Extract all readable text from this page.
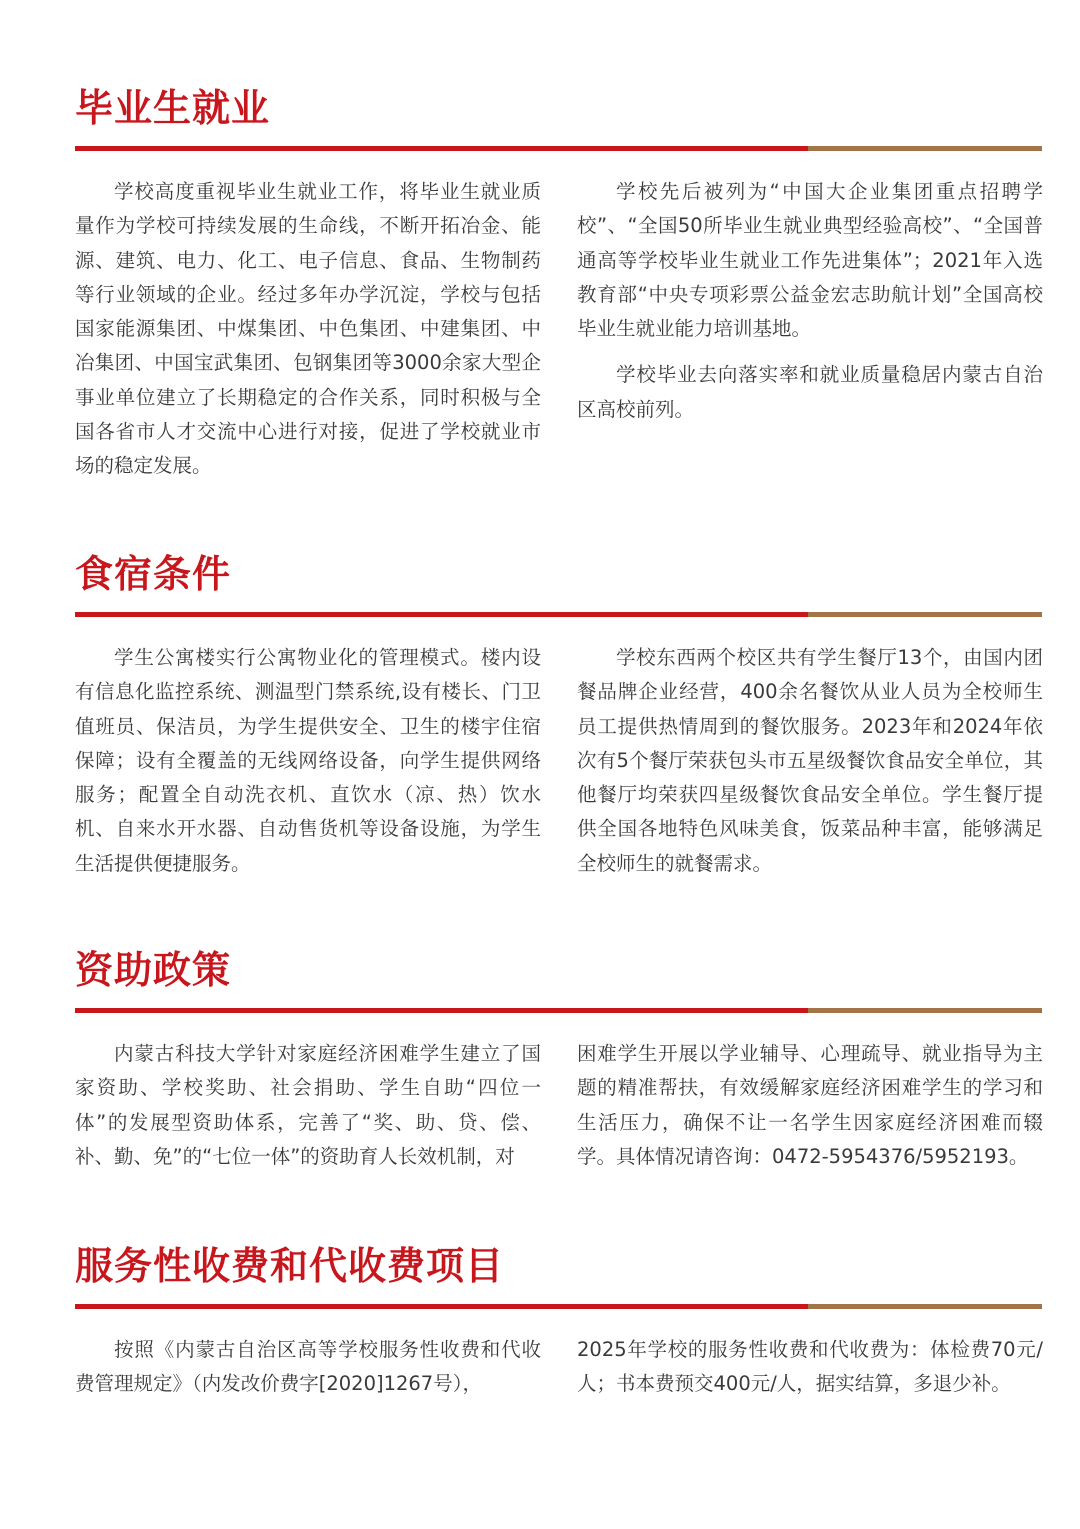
毕业生就业

学校高度重视毕业生就业工作，将毕业生就业质量作为学校可持续发展的生命线，不断开拓冶金、能源、建筑、电力、化工、电子信息、食品、生物制药等行业领域的企业。经过多年办学沉淀，学校与包括国家能源集团、中煤集团、中色集团、中建集团、中冶集团、中国宝武集团、包钢集团等3000余家大型企事业单位建立了长期稳定的合作关系，同时积极与全国各省市人才交流中心进行对接，促进了学校就业市场的稳定发展。

学校先后被列为“中国大企业集团重点招聘学校”、“全国50所毕业生就业典型经验高校”、“全国普通高等学校毕业生就业工作先进集体”；2021年入选教育部“中央专项彩票公益金宏志助航计划”全国高校毕业生就业能力培训基地。

学校毕业去向落实率和就业质量稳居内蒙古自治区高校前列。

食宿条件

学生公寓楼实行公寓物业化的管理模式。楼内设有信息化监控系统、测温型门禁系统,设有楼长、门卫值班员、保洁员，为学生提供安全、卫生的楼宇住宿保障；设有全覆盖的无线网络设备，向学生提供网络服务；配置全自动洗衣机、直饮水（凉、热）饮水机、自来水开水器、自动售货机等设备设施，为学生生活提供便捷服务。

学校东西两个校区共有学生餐厅13个，由国内团餐品牌企业经营，400余名餐饮从业人员为全校师生员工提供热情周到的餐饮服务。2023年和2024年依次有5个餐厅荣获包头市五星级餐饮食品安全单位，其他餐厅均荣获四星级餐饮食品安全单位。学生餐厅提供全国各地特色风味美食，饭菜品种丰富，能够满足全校师生的就餐需求。

资助政策

内蒙古科技大学针对家庭经济困难学生建立了国家资助、学校奖助、社会捐助、学生自助“四位一体”的发展型资助体系，完善了“奖、助、贷、偿、补、勤、免”的“七位一体”的资助育人长效机制，对

困难学生开展以学业辅导、心理疏导、就业指导为主题的精准帮扶，有效缓解家庭经济困难学生的学习和生活压力，确保不让一名学生因家庭经济困难而辍学。具体情况请咨询：0472-5954376/5952193。

服务性收费和代收费项目

按照《内蒙古自治区高等学校服务性收费和代收费管理规定》（内发改价费字[2020]1267号），

2025年学校的服务性收费和代收费为：体检费70元/人；书本费预交400元/人，据实结算，多退少补。
